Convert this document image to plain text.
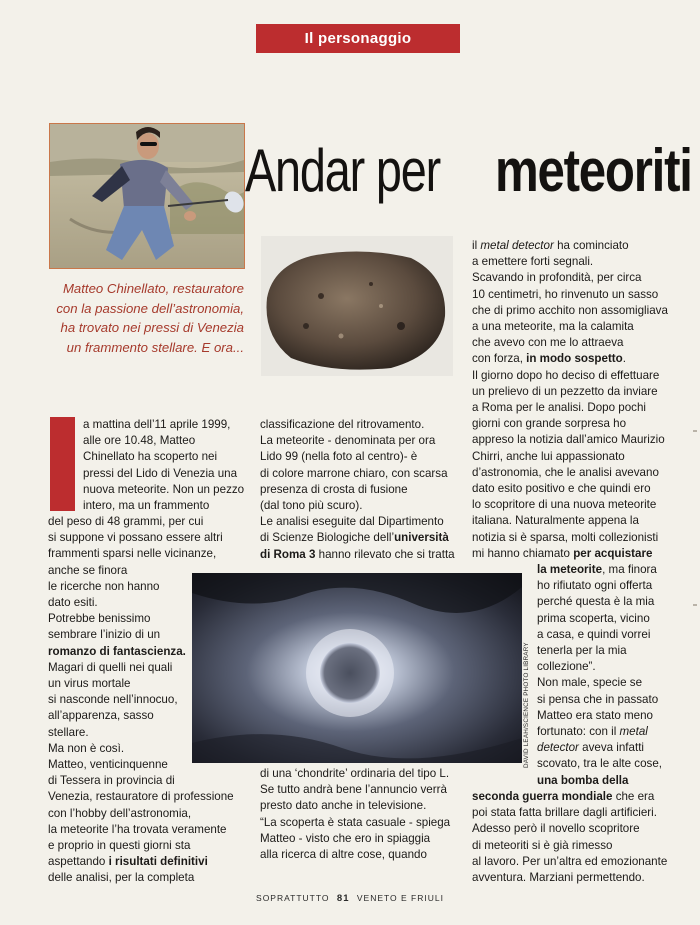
Il personaggio
Andar permeteoriti
Matteo Chinellato, restauratore con la passione dell’astronomia, ha trovato nei pressi di Venezia un frammento stellare. E ora...

a mattina dell’11 aprile 1999,

alle ore 10.48, Matteo

Chinellato ha scoperto nei

pressi del Lido di Venezia una

nuova meteorite. Non un pezzo

intero, ma un frammento

del peso di 48 grammi, per cui

si suppone vi possano essere altri

frammenti sparsi nelle vicinanze,

anche se finora

le ricerche non hanno

dato esiti.

Potrebbe benissimo

sembrare l’inizio di un

romanzo di fantascienza.

Magari di quelli nei quali

un virus mortale

si nasconde nell’innocuo,

all’apparenza, sasso

stellare.

Ma non è così.

Matteo, venticinquenne

di Tessera in provincia di

Venezia, restauratore di professione

con l’hobby dell’astronomia,

la meteorite l’ha trovata veramente

e proprio in questi giorni sta

aspettando i risultati definitivi

delle analisi, per la completa

classificazione del ritrovamento.

La meteorite - denominata per ora

Lido 99 (nella foto al centro)- è

di colore marrone chiaro, con scarsa

presenza di crosta di fusione

(dal tono più scuro).

Le analisi eseguite dal Dipartimento

di Scienze Biologiche dell’università

di Roma 3 hanno rilevato che si tratta

DAVID LEAH/SCIENCE PHOTO LIBRARY

di una ‘chondrite’ ordinaria del tipo L.

Se tutto andrà bene l’annuncio verrà

presto dato anche in televisione.

“La scoperta è stata casuale - spiega

Matteo - visto che ero in spiaggia

alla ricerca di altre cose, quando

il metal detector ha cominciato

a emettere forti segnali.

Scavando in profondità, per circa

10 centimetri, ho rinvenuto un sasso

che di primo acchito non assomigliava

a una meteorite, ma la calamita

che avevo con me lo attraeva

con forza, in modo sospetto.

Il giorno dopo ho deciso di effettuare

un prelievo di un pezzetto da inviare

a Roma per le analisi. Dopo pochi

giorni con grande sorpresa ho

appreso la notizia dall’amico Maurizio

Chirri, anche lui appassionato

d’astronomia, che le analisi avevano

dato esito positivo e che quindi ero

lo scopritore di una nuova meteorite

italiana. Naturalmente appena la

notizia si è sparsa, molti collezionisti

mi hanno chiamato per acquistare

la meteorite, ma finora

ho rifiutato ogni offerta

perché questa è la mia

prima scoperta, vicino

a casa, e quindi vorrei

tenerla per la mia

collezione”.

Non male, specie se

si pensa che in passato

Matteo era stato meno

fortunato: con il metal

detector aveva infatti

scovato, tra le alte cose,

una bomba della

seconda guerra mondiale che era

poi stata fatta brillare dagli artificieri.

Adesso però il novello scopritore

di meteoriti si è già rimesso

al lavoro. Per un’altra ed emozionante

avventura. Marziani permettendo.

SOPRATTUTTO 81 VENETO E FRIULI
